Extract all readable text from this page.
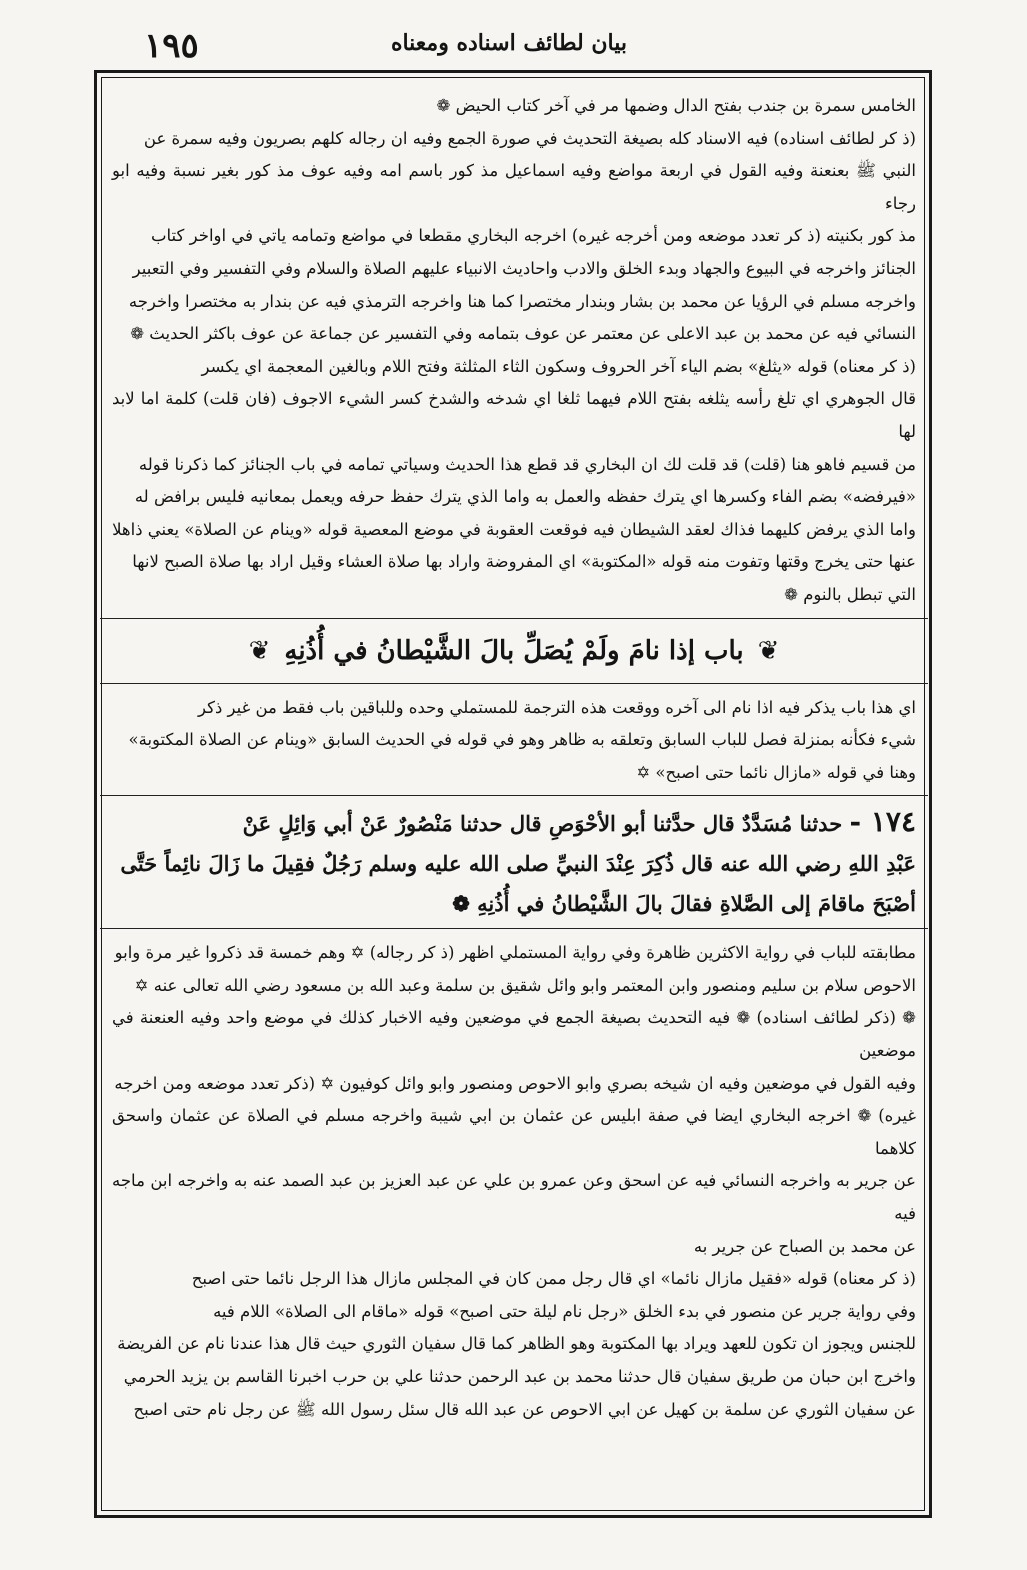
١٩٥	بيان لطائف اسناده ومعناه

الخامس سمرة بن جندب بفتح الدال وضمها مر في آخر كتاب الحيض ❁

(ذ كر لطائف اسناده) فيه الاسناد كله بصيغة التحديث في صورة الجمع وفيه ان رجاله كلهم بصريون وفيه سمرة عن

النبي ﷺ بعنعنة وفيه القول في اربعة مواضع وفيه اسماعيل مذ كور باسم امه وفيه عوف مذ كور بغير نسبة وفيه ابو رجاء

مذ كور بكنيته (ذ كر تعدد موضعه ومن أخرجه غيره) اخرجه البخاري مقطعا في مواضع وتمامه ياتي في اواخر كتاب

الجنائز واخرجه في البيوع والجهاد وبدء الخلق والادب واحاديث الانبياء عليهم الصلاة والسلام وفي التفسير وفي التعبير

واخرجه مسلم في الرؤيا عن محمد بن بشار وبندار مختصرا كما هنا واخرجه الترمذي فيه عن بندار به مختصرا واخرجه

النسائي فيه عن محمد بن عبد الاعلى عن معتمر عن عوف بتمامه وفي التفسير عن جماعة عن عوف باكثر الحديث ❁

(ذ كر معناه) قوله «يثلغ» بضم الياء آخر الحروف وسكون الثاء المثلثة وفتح اللام وبالغين المعجمة اي يكسر

قال الجوهري اي تلغ رأسه يثلغه بفتح اللام فيهما ثلغا اي شدخه والشدخ كسر الشيء الاجوف (فان قلت) كلمة اما لابد لها

من قسيم فاهو هنا (قلت) قد قلت لك ان البخاري قد قطع هذا الحديث وسياتي تمامه في باب الجنائز كما ذكرنا قوله

«فيرفضه» بضم الفاء وكسرها اي يترك حفظه والعمل به واما الذي يترك حفظ حرفه ويعمل بمعانيه فليس برافض له

واما الذي يرفض كليهما فذاك لعقد الشيطان فيه فوقعت العقوبة في موضع المعصية قوله «وينام عن الصلاة» يعني ذاهلا

عنها حتى يخرج وقتها وتفوت منه قوله «المكتوبة» اي المفروضة واراد بها صلاة العشاء وقيل اراد بها صلاة الصبح لانها

التي تبطل بالنوم ❁

❦
باب إذا نامَ ولَمْ يُصَلِّ بالَ الشَّيْطانُ في أُذُنِهِ
❦

اي هذا باب يذكر فيه اذا نام الى آخره ووقعت هذه الترجمة للمستملي وحده وللباقين باب فقط من غير ذكر

شيء فكأنه بمنزلة فصل للباب السابق وتعلقه به ظاهر وهو في قوله في الحديث السابق «وينام عن الصلاة المكتوبة»

وهنا في قوله «مازال نائما حتى اصبح» ✡

١٧٤ - حدثنا مُسَدَّدٌ قال حدَّثنا أبو الأحْوَصِ قال حدثنا مَنْصُورٌ عَنْ أبي وَائِلٍ عَنْ

عَبْدِ اللهِ رضي الله عنه قال ذُكِرَ عِنْدَ النبيِّ صلى الله عليه وسلم رَجُلٌ فقِيلَ ما زَالَ نائِماً حَتَّى

أصْبَحَ ماقامَ إلى الصَّلاةِ فقالَ بالَ الشَّيْطانُ في أُذُنِهِ ❁

مطابقته للباب في رواية الاكثرين ظاهرة وفي رواية المستملي اظهر (ذ كر رجاله) ✡ وهم خمسة قد ذكروا غير مرة وابو

الاحوص سلام بن سليم ومنصور وابن المعتمر وابو وائل شقيق بن سلمة وعبد الله بن مسعود رضي الله تعالى عنه ✡

❁ (ذكر لطائف اسناده) ❁ فيه التحديث بصيغة الجمع في موضعين وفيه الاخبار كذلك في موضع واحد وفيه العنعنة في موضعين

وفيه القول في موضعين وفيه ان شيخه بصري وابو الاحوص ومنصور وابو وائل كوفيون ✡ (ذكر تعدد موضعه ومن اخرجه

غيره) ❁ اخرجه البخاري ايضا في صفة ابليس عن عثمان بن ابي شيبة واخرجه مسلم في الصلاة عن عثمان واسحق كلاهما

عن جرير به واخرجه النسائي فيه عن اسحق وعن عمرو بن علي عن عبد العزيز بن عبد الصمد عنه به واخرجه ابن ماجه فيه

عن محمد بن الصباح عن جرير به

(ذ كر معناه) قوله «فقيل مازال نائما» اي قال رجل ممن كان في المجلس مازال هذا الرجل نائما حتى اصبح

وفي رواية جرير عن منصور في بدء الخلق «رجل نام ليلة حتى اصبح» قوله «ماقام الى الصلاة» اللام فيه

للجنس ويجوز ان تكون للعهد ويراد بها المكتوبة وهو الظاهر كما قال سفيان الثوري حيث قال هذا عندنا نام عن الفريضة

واخرج ابن حبان من طريق سفيان قال حدثنا محمد بن عبد الرحمن حدثنا علي بن حرب اخبرنا القاسم بن يزيد الحرمي

عن سفيان الثوري عن سلمة بن كهيل عن ابي الاحوص عن عبد الله قال سئل رسول الله ﷺ عن رجل نام حتى اصبح
